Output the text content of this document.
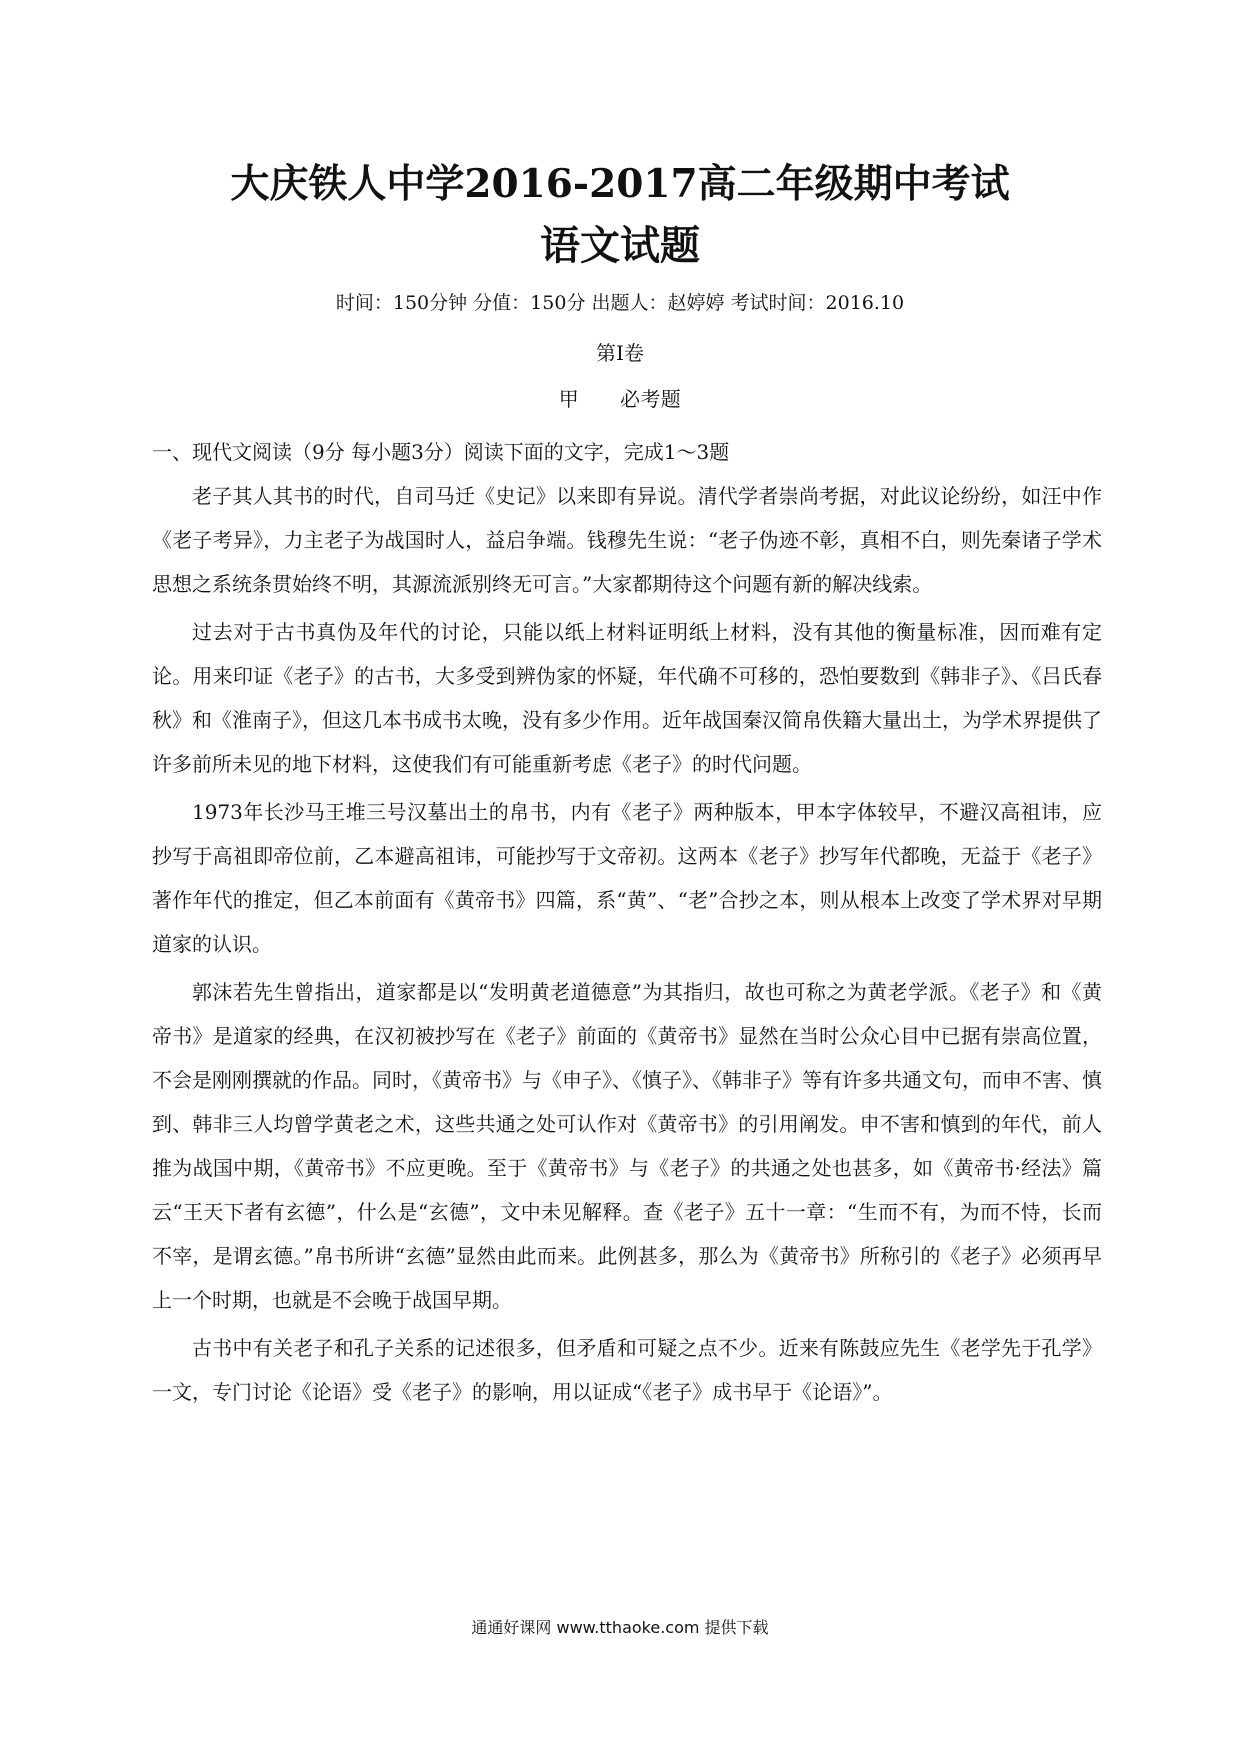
大庆铁人中学2016-2017高二年级期中考试
语文试题
时间：150分钟 分值：150分 出题人：赵婷婷 考试时间：2016.10
第Ⅰ卷
甲　　必考题

一、现代文阅读（9分 每小题3分）阅读下面的文字，完成1～3题

老子其人其书的时代，自司马迁《史记》以来即有异说。清代学者崇尚考据，对此议论纷纷，如汪中作《老子考异》，力主老子为战国时人，益启争端。钱穆先生说：“老子伪迹不彰，真相不白，则先秦诸子学术思想之系统条贯始终不明，其源流派别终无可言。”大家都期待这个问题有新的解决线索。

过去对于古书真伪及年代的讨论，只能以纸上材料证明纸上材料，没有其他的衡量标准，因而难有定论。用来印证《老子》的古书，大多受到辨伪家的怀疑，年代确不可移的，恐怕要数到《韩非子》、《吕氏春秋》和《淮南子》，但这几本书成书太晚，没有多少作用。近年战国秦汉简帛佚籍大量出土，为学术界提供了许多前所未见的地下材料，这使我们有可能重新考虑《老子》的时代问题。

1973年长沙马王堆三号汉墓出土的帛书，内有《老子》两种版本，甲本字体较早，不避汉高祖讳，应抄写于高祖即帝位前，乙本避高祖讳，可能抄写于文帝初。这两本《老子》抄写年代都晚，无益于《老子》著作年代的推定，但乙本前面有《黄帝书》四篇，系“黄”、“老”合抄之本，则从根本上改变了学术界对早期道家的认识。

郭沫若先生曾指出，道家都是以“发明黄老道德意”为其指归，故也可称之为黄老学派。《老子》和《黄帝书》是道家的经典，在汉初被抄写在《老子》前面的《黄帝书》显然在当时公众心目中已据有崇高位置，不会是刚刚撰就的作品。同时，《黄帝书》与《申子》、《慎子》、《韩非子》等有许多共通文句，而申不害、慎到、韩非三人均曾学黄老之术，这些共通之处可认作对《黄帝书》的引用阐发。申不害和慎到的年代，前人推为战国中期，《黄帝书》不应更晚。至于《黄帝书》与《老子》的共通之处也甚多，如《黄帝书·经法》篇云“王天下者有玄德”，什么是“玄德”，文中未见解释。查《老子》五十一章：“生而不有，为而不恃，长而不宰，是谓玄德。”帛书所讲“玄德”显然由此而来。此例甚多，那么为《黄帝书》所称引的《老子》必须再早上一个时期，也就是不会晚于战国早期。

古书中有关老子和孔子关系的记述很多，但矛盾和可疑之点不少。近来有陈鼓应先生《老学先于孔学》一文，专门讨论《论语》受《老子》的影响，用以证成“《老子》成书早于《论语》”。

通通好课网 www.tthaoke.com 提供下载
